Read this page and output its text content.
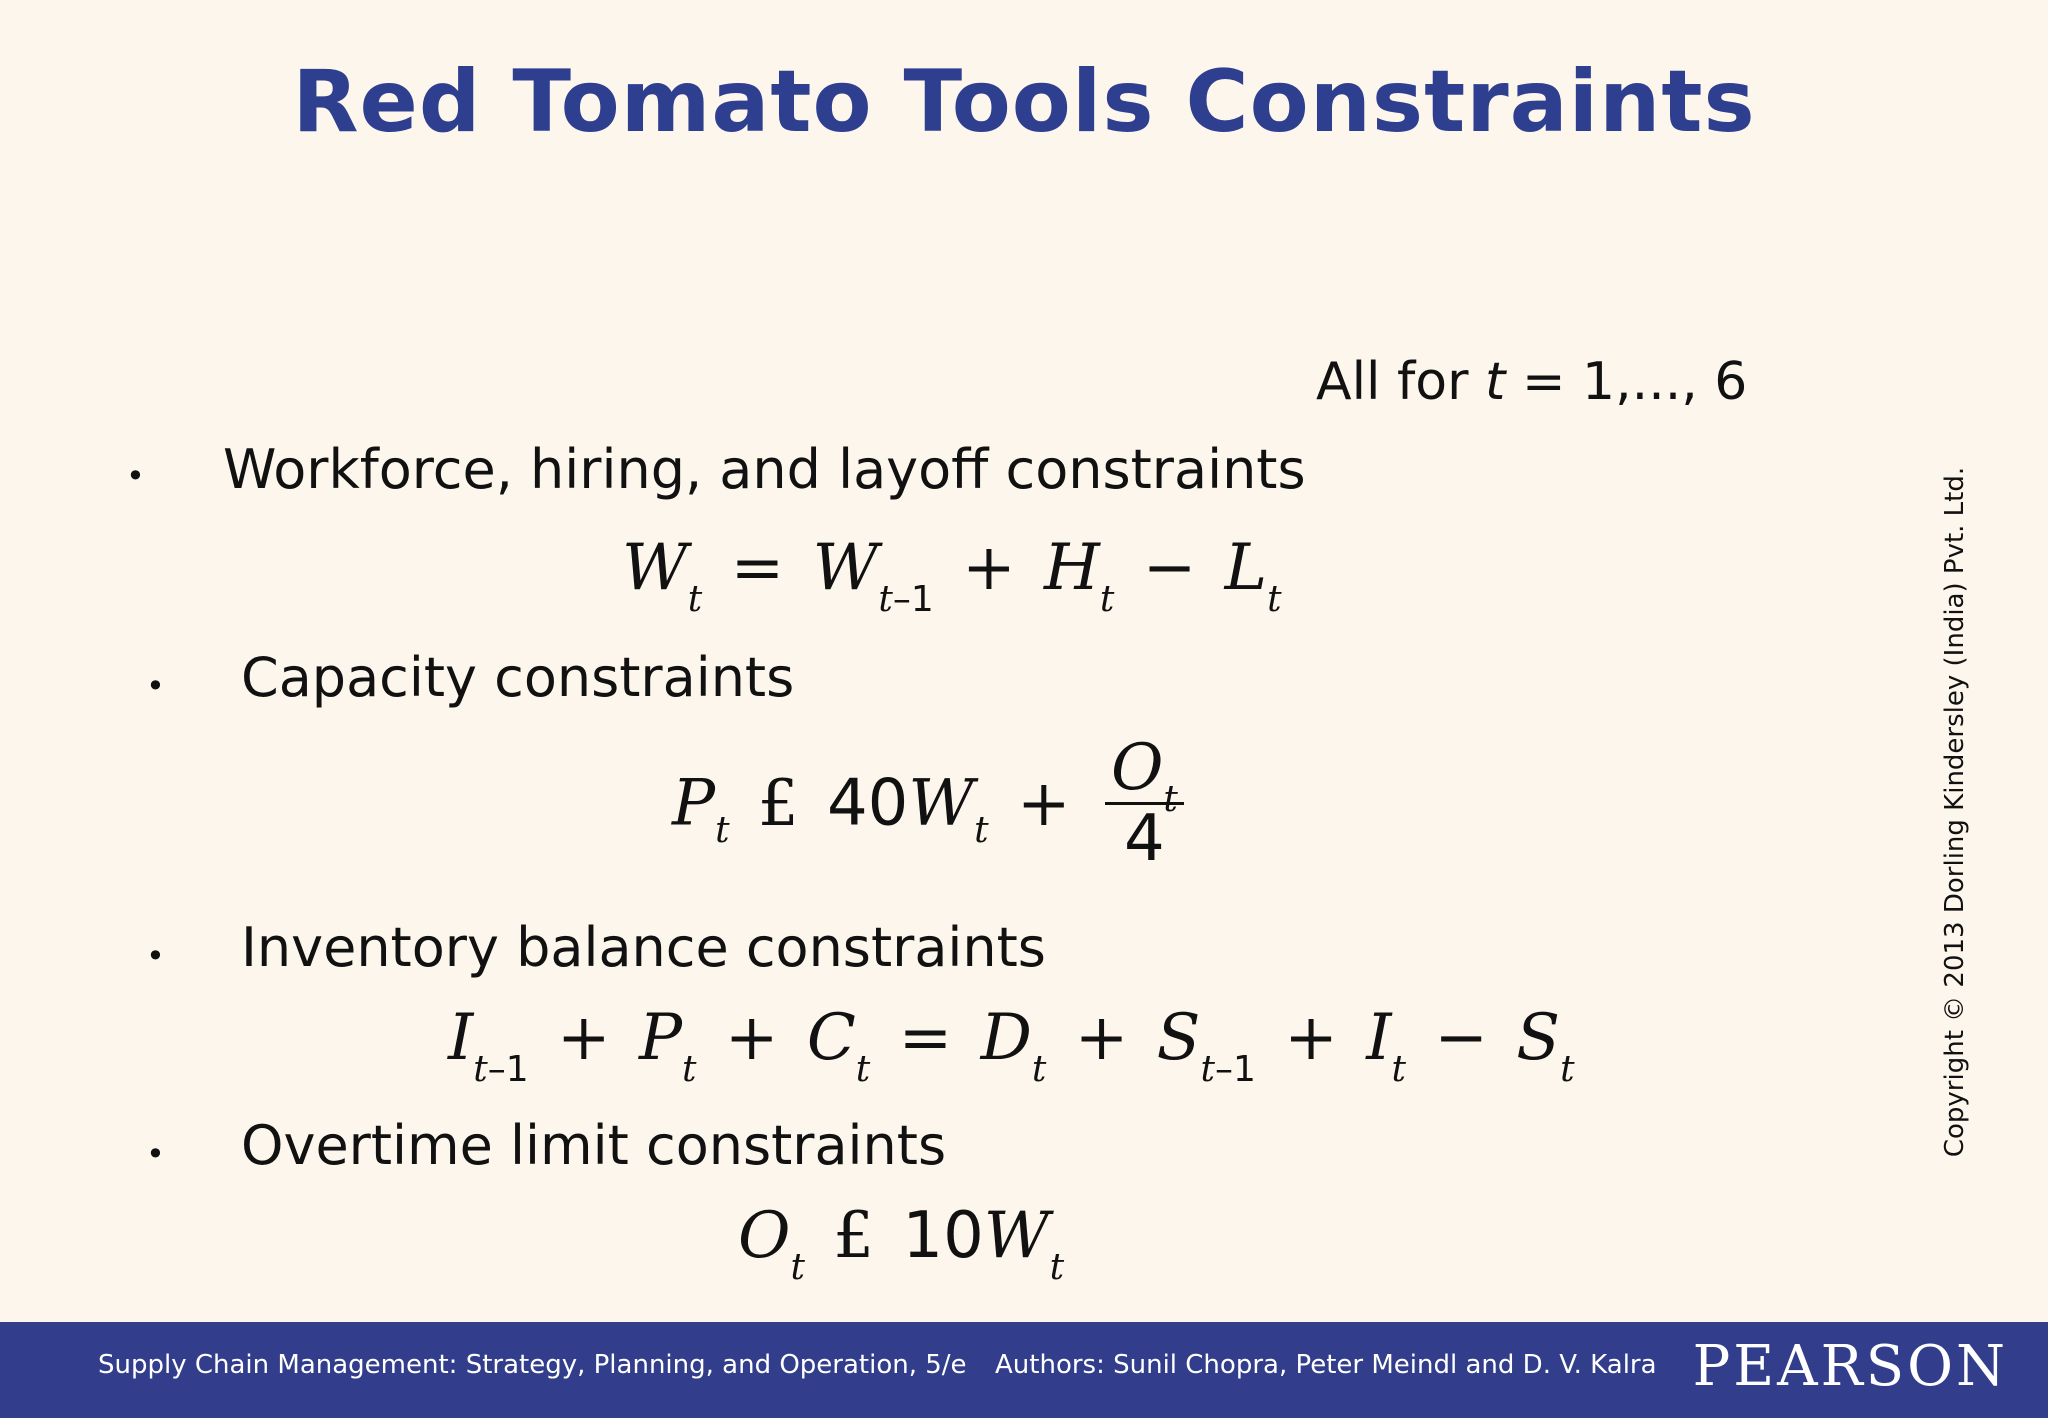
Red Tomato Tools Constraints
All for t = 1,..., 6
• Workforce, hiring, and layoff constraints
$W_t = W_{t-1} + H_t - L_t$
• Capacity constraints
$P_t$ £ $40W_t + \frac{O_t}{4}$
• Inventory balance constraints
$I_{t-1} + P_t + C_t = D_t + S_{t-1} + I_t - S_t$
• Overtime limit constraints
$O_t$ £ $10W_t$
Copyright © 2013 Dorling Kindersley (India) Pvt. Ltd.
Supply Chain Management: Strategy, Planning, and Operation, 5/e Authors: Sunil Chopra, Peter Meindl and D. V. Kalra PEARSON
